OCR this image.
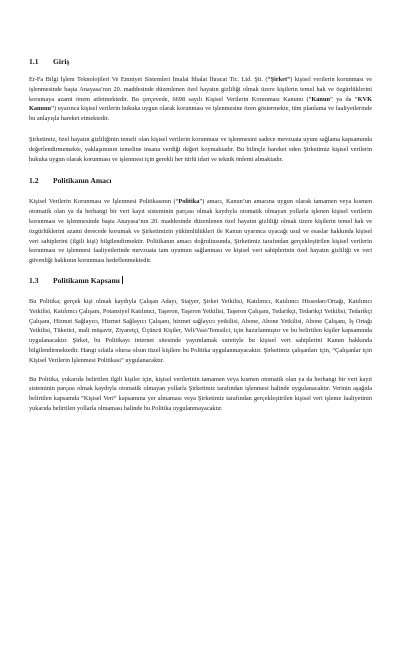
-
1.1	Giriş

Er-Fa Bilgi İşlem Teknolojileri Ve Emniyet Sistemleri İmalat İthalat İhracat Tic. Ltd. Şti. (“Şirket”) kişisel verilerin korunması ve işlenmesinde başta Anayasa’nın 20. maddesinde düzenlenen özel hayatın gizliliği olmak üzere kişilerin temel hak ve özgürlüklerini korumaya azami önem atfetmektedir. Bu çerçevede, 6698 sayılı Kişisel Verilerin Korunması Kanunu (“Kanun” ya da “KVK Kanunu”) uyarınca kişisel verilerin hukuka uygun olarak korunması ve işlenmesine özen göstermekte, tüm planlama ve faaliyetlerinde bu anlayışla hareket etmektedir.

Şirketimiz, özel hayatın gizliliğinin temeli olan kişisel verilerin korunması ve işlenmesini sadece mevzuata uyum sağlama kapsamında değerlendirmemekte, yaklaşımının temeline insana verdiği değeri koymaktadır. Bu bilinçle hareket eden Şirketimiz kişisel verilerin hukuka uygun olarak korunması ve işlenmesi için gerekli her türlü idari ve teknik önlemi almaktadır.

1.2	Politikanın Amacı

Kişisel Verilerin Korunması ve İşlenmesi Politikasının (“Politika”) amacı, Kanun’un amacına uygun olarak tamamen veya kısmen otomatik olan ya da herhangi bir veri kayıt sisteminin parçası olmak kaydıyla otomatik olmayan yollarla işlenen kişisel verilerin korunması ve işlenmesinde başta Anayasa’nın 20. maddesinde düzenlenen özel hayatın gizliliği olmak üzere kişilerin temel hak ve özgürlüklerini azami derecede korumak ve Şirketimizin yükümlülükleri ile Kanun uyarınca uyacağı usul ve esaslar hakkında kişisel veri sahiplerini (ilgili kişi) bilgilendirmektir. Politikanın amacı doğrultusunda, Şirketimiz tarafından gerçekleştirilen kişisel verilerin korunması ve işlenmesi faaliyetlerinde mevzuata tam uyumun sağlanması ve kişisel veri sahiplerinin özel hayatın gizliliği ve veri güvenliği hakkının korunması hedeflenmektedir.

1.3	Politikanın Kapsamı

Bu Politika; gerçek kişi olmak kaydıyla Çalışan Adayı, Stajyer, Şirket Yetkilisi, Katılımcı, Katılımcı Hissedarı/Ortağı, Katılımcı Yetkilisi, Katılımcı Çalışanı, Potansiyel Katılımcı, Taşeron, Taşeron Yetkilisi, Taşeron Çalışanı, Tedarikçi, Tedarikçi Yetkilisi, Tedarikçi Çalışanı, Hizmet Sağlayıcı, Hizmet Sağlayıcı Çalışanı, hizmet sağlayıcı yetkilisi, Abone, Abone Yetkilisi, Abone Çalışanı, İş Ortağı Yetkilisi, Tüketici, mali müşavir, Ziyaretçi, Üçüncü Kişiler, Veli/Vasi/Temsilci, için hazırlanmıştır ve bu belirtilen kişiler kapsamında uygulanacaktır. Şirket, bu Politikayı internet sitesinde yayımlamak suretiyle bu kişisel veri sahiplerini Kanun hakkında bilgilendirmektedir. Hangi sıfatla olursa olsun tüzel kişilere bu Politika uygulanmayacaktır. Şirketimiz çalışanları için, “Çalışanlar için Kişisel Verilerin İşlenmesi Politikası” uygulanacaktır.

Bu Politika, yukarıda belirtilen ilgili kişiler için, kişisel verilerinin tamamen veya kısmen otomatik olan ya da herhangi bir veri kayıt sisteminin parçası olmak kaydıyla otomatik olmayan yollarla Şirketimiz tarafından işlenmesi halinde uygulanacaktır. Verinin aşağıda belirtilen kapsamda “Kişisel Veri” kapsamına yer almaması veya Şirketimiz tarafından gerçekleştirilen kişisel veri işleme faaliyetinin yukarıda belirtilen yollarla olmaması halinde bu Politika uygulanmayacaktır.
